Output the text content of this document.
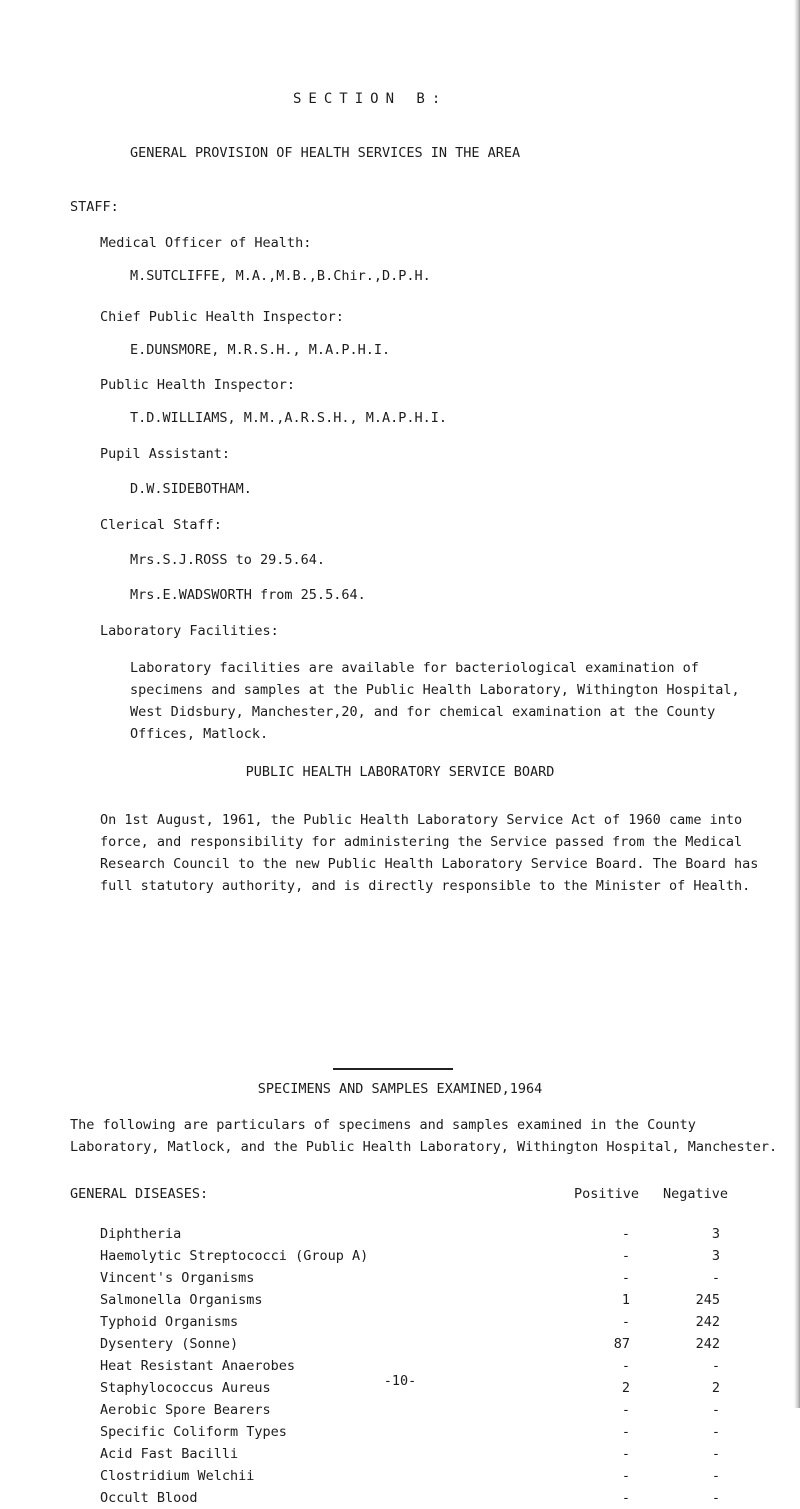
SECTION B:
GENERAL PROVISION OF HEALTH SERVICES IN THE AREA
STAFF:
Medical Officer of Health:
M.SUTCLIFFE, M.A.,M.B.,B.Chir.,D.P.H.
Chief Public Health Inspector:
E.DUNSMORE, M.R.S.H., M.A.P.H.I.
Public Health Inspector:
T.D.WILLIAMS, M.M.,A.R.S.H., M.A.P.H.I.
Pupil Assistant:
D.W.SIDEBOTHAM.
Clerical Staff:
Mrs.S.J.ROSS to 29.5.64.
Mrs.E.WADSWORTH from 25.5.64.
Laboratory Facilities:
Laboratory facilities are available for bacteriological examination of specimens and samples at the Public Health Laboratory, Withington Hospital, West Didsbury, Manchester,20, and for chemical examination at the County Offices, Matlock.
PUBLIC HEALTH LABORATORY SERVICE BOARD
On 1st August, 1961, the Public Health Laboratory Service Act of 1960 came into force, and responsibility for administering the Service passed from the Medical Research Council to the new Public Health Laboratory Service Board. The Board has full statutory authority, and is directly responsible to the Minister of Health.
SPECIMENS AND SAMPLES EXAMINED,1964
The following are particulars of specimens and samples examined in the County Laboratory, Matlock, and the Public Health Laboratory, Withington Hospital, Manchester.
GENERAL DISEASES:	Positive Negative
Diphtheria	-	3
Haemolytic Streptococci (Group A)	-	3
Vincent's Organisms	-	-
Salmonella Organisms	1	245
Typhoid Organisms	-	242
Dysentery (Sonne)	87	242
Heat Resistant Anaerobes	-	-
Staphylococcus Aureus	2	2
Aerobic Spore Bearers	-	-
Specific Coliform Types	-	-
Acid Fast Bacilli	-	-
Clostridium Welchii	-	-
Occult Blood	-	-
-10-
